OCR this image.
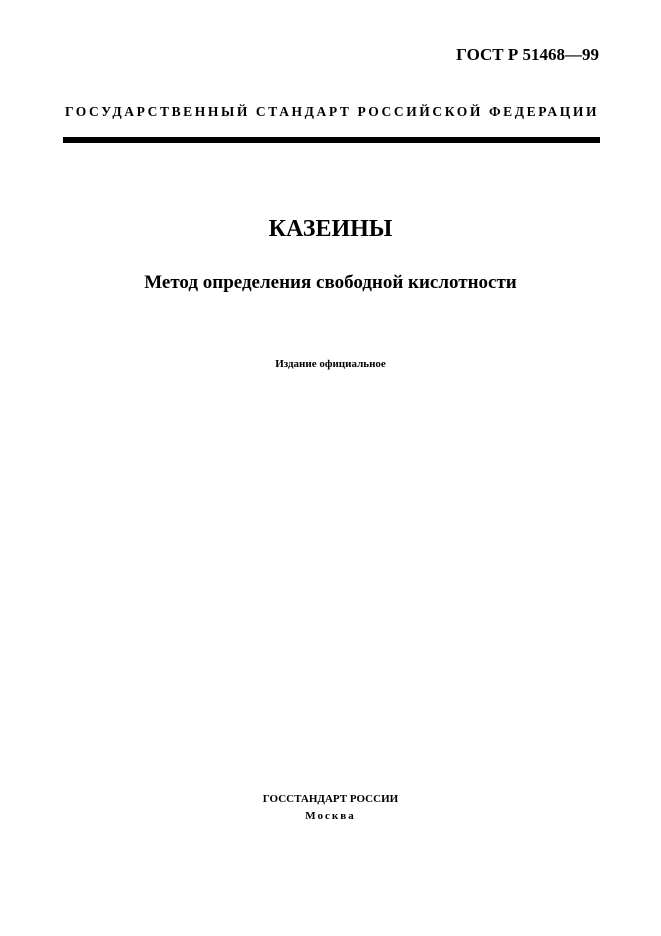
ГОСТ Р 51468—99
ГОСУДАРСТВЕННЫЙ СТАНДАРТ РОССИЙСКОЙ ФЕДЕРАЦИИ
КАЗЕИНЫ
Метод определения свободной кислотности
Издание официальное
ГОССТАНДАРТ РОССИИ
Москва
